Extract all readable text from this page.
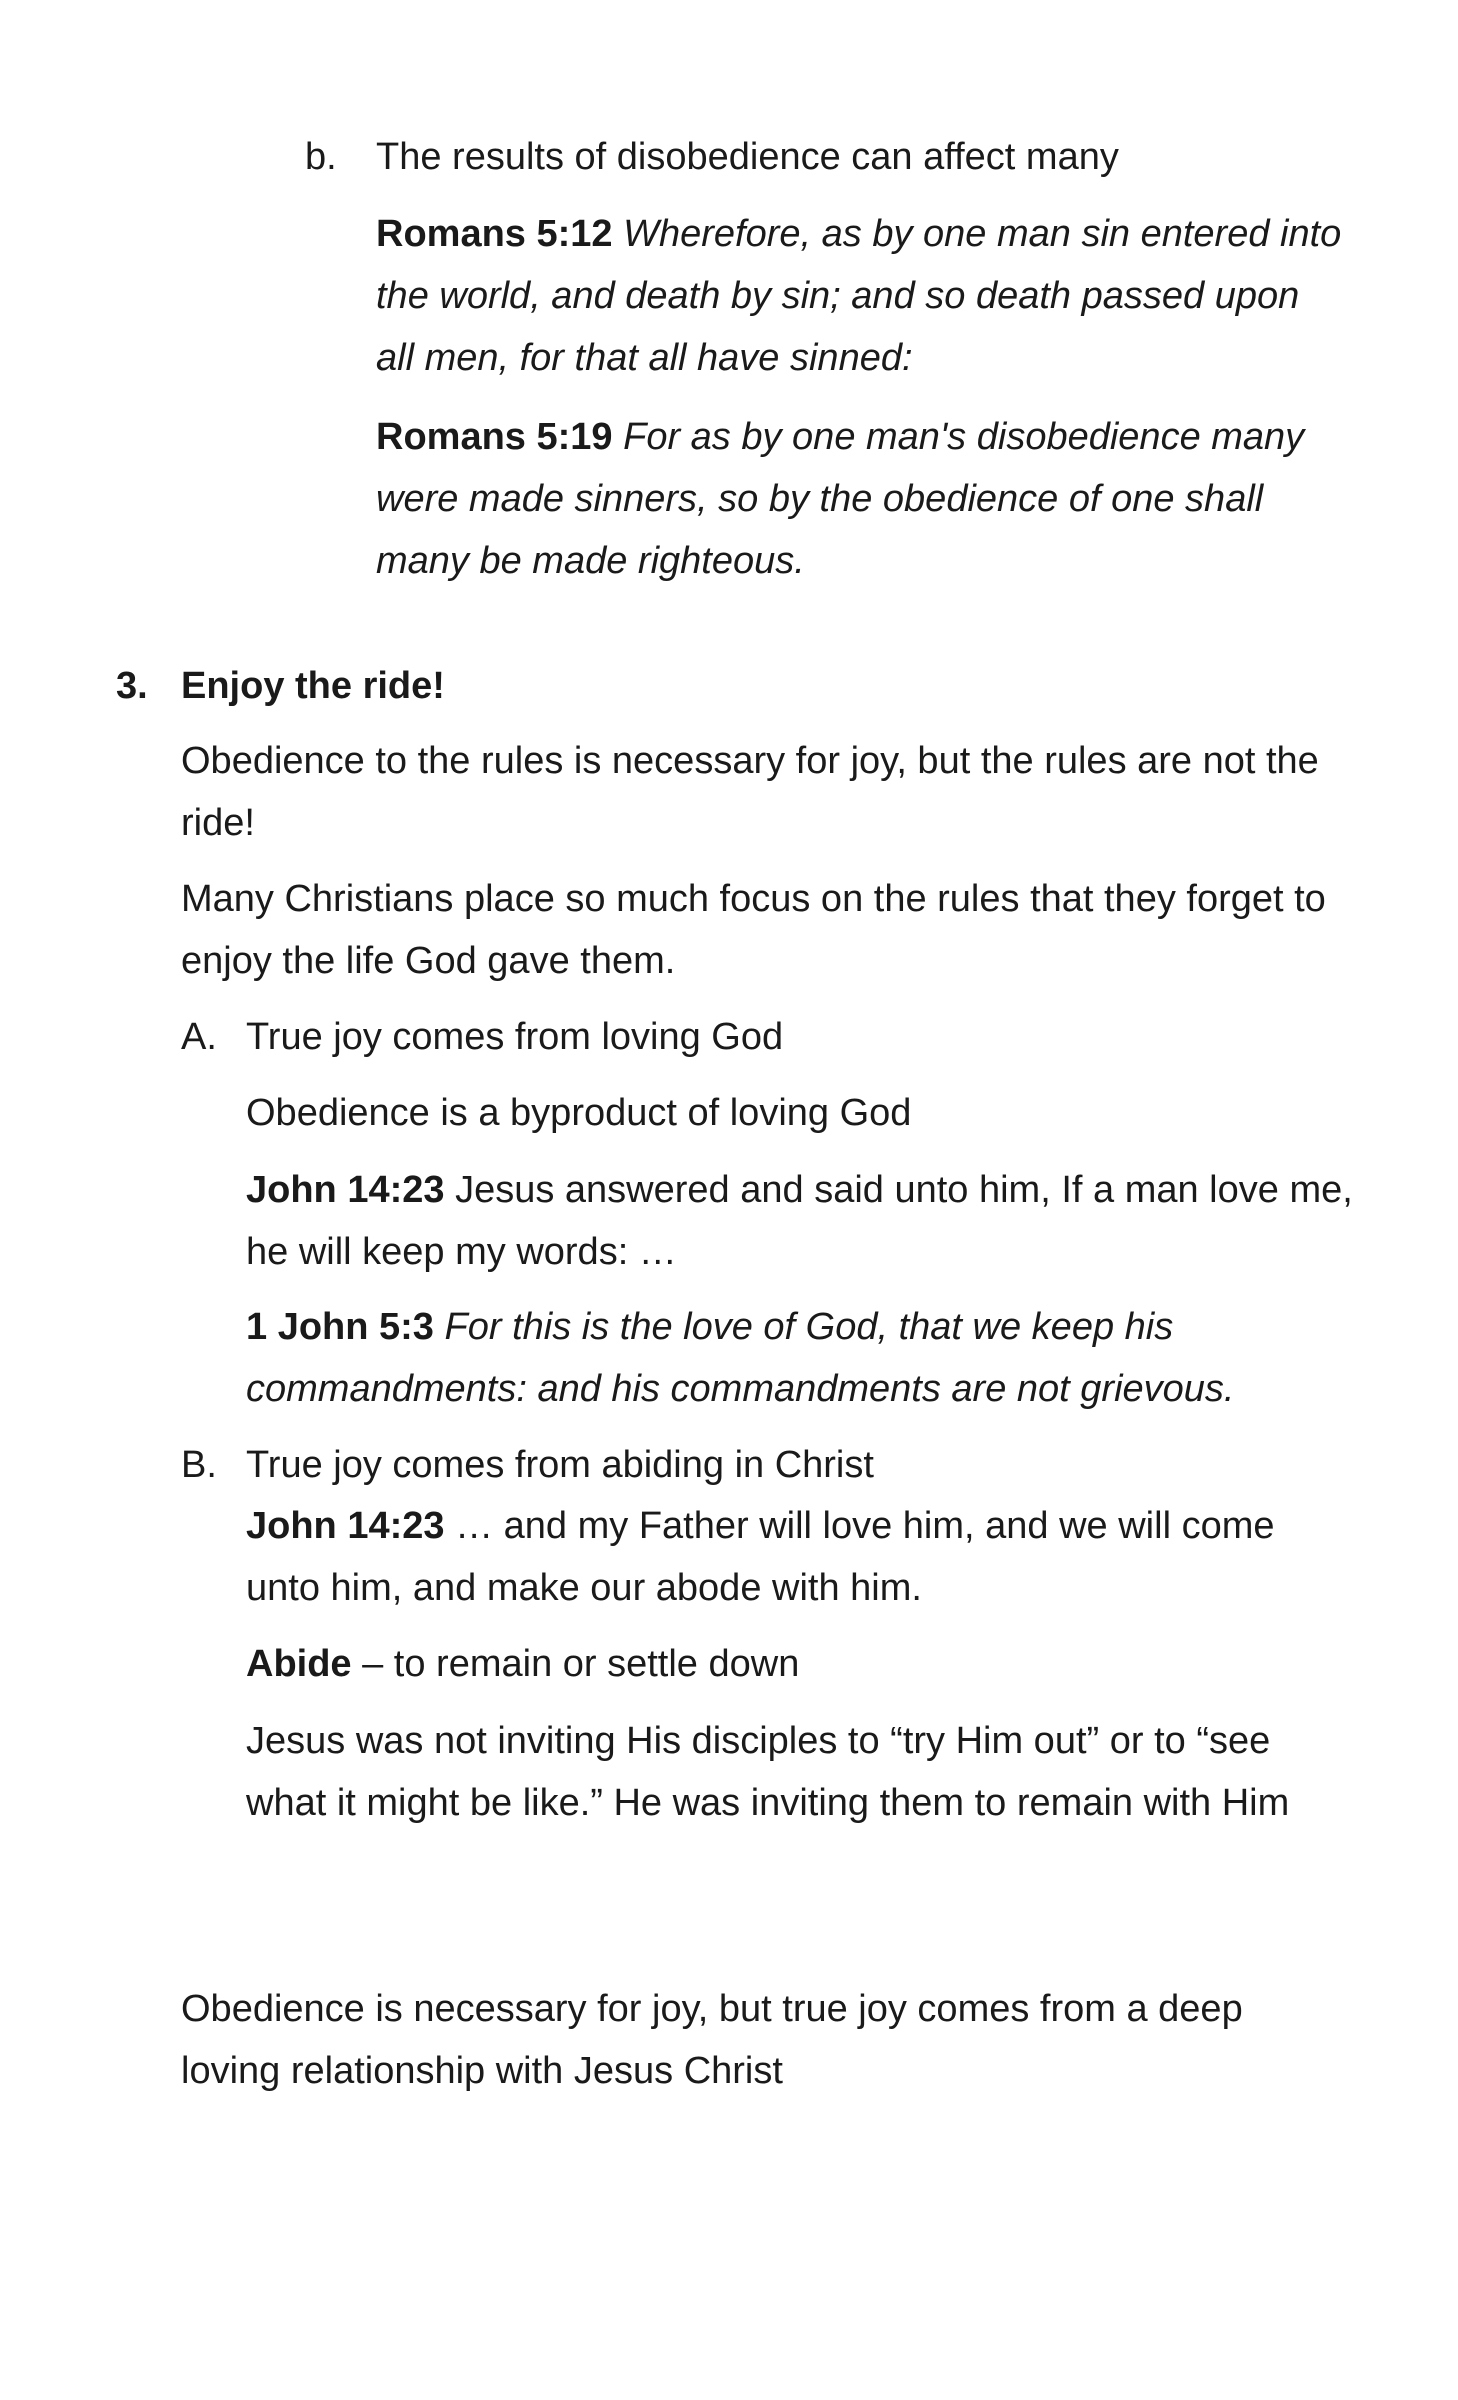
b. The results of disobedience can affect many

Romans 5:12 Wherefore, as by one man sin entered into

the world, and death by sin; and so death passed upon

all men, for that all have sinned:

Romans 5:19 For as by one man's disobedience many

were made sinners, so by the obedience of one shall

many be made righteous.

3. Enjoy the ride!

Obedience to the rules is necessary for joy, but the rules are not the

ride!

Many Christians place so much focus on the rules that they forget to

enjoy the life God gave them.

A. True joy comes from loving God
Obedience is a byproduct of loving God

John 14:23 Jesus answered and said unto him, If a man love me,

he will keep my words: …

1 John 5:3 For this is the love of God, that we keep his

commandments: and his commandments are not grievous.

B. True joy comes from abiding in Christ

John 14:23 … and my Father will love him, and we will come

unto him, and make our abode with him.

Abide – to remain or settle down

Jesus was not inviting His disciples to “try Him out” or to “see

what it might be like.” He was inviting them to remain with Him

Obedience is necessary for joy, but true joy comes from a deep

loving relationship with Jesus Christ
